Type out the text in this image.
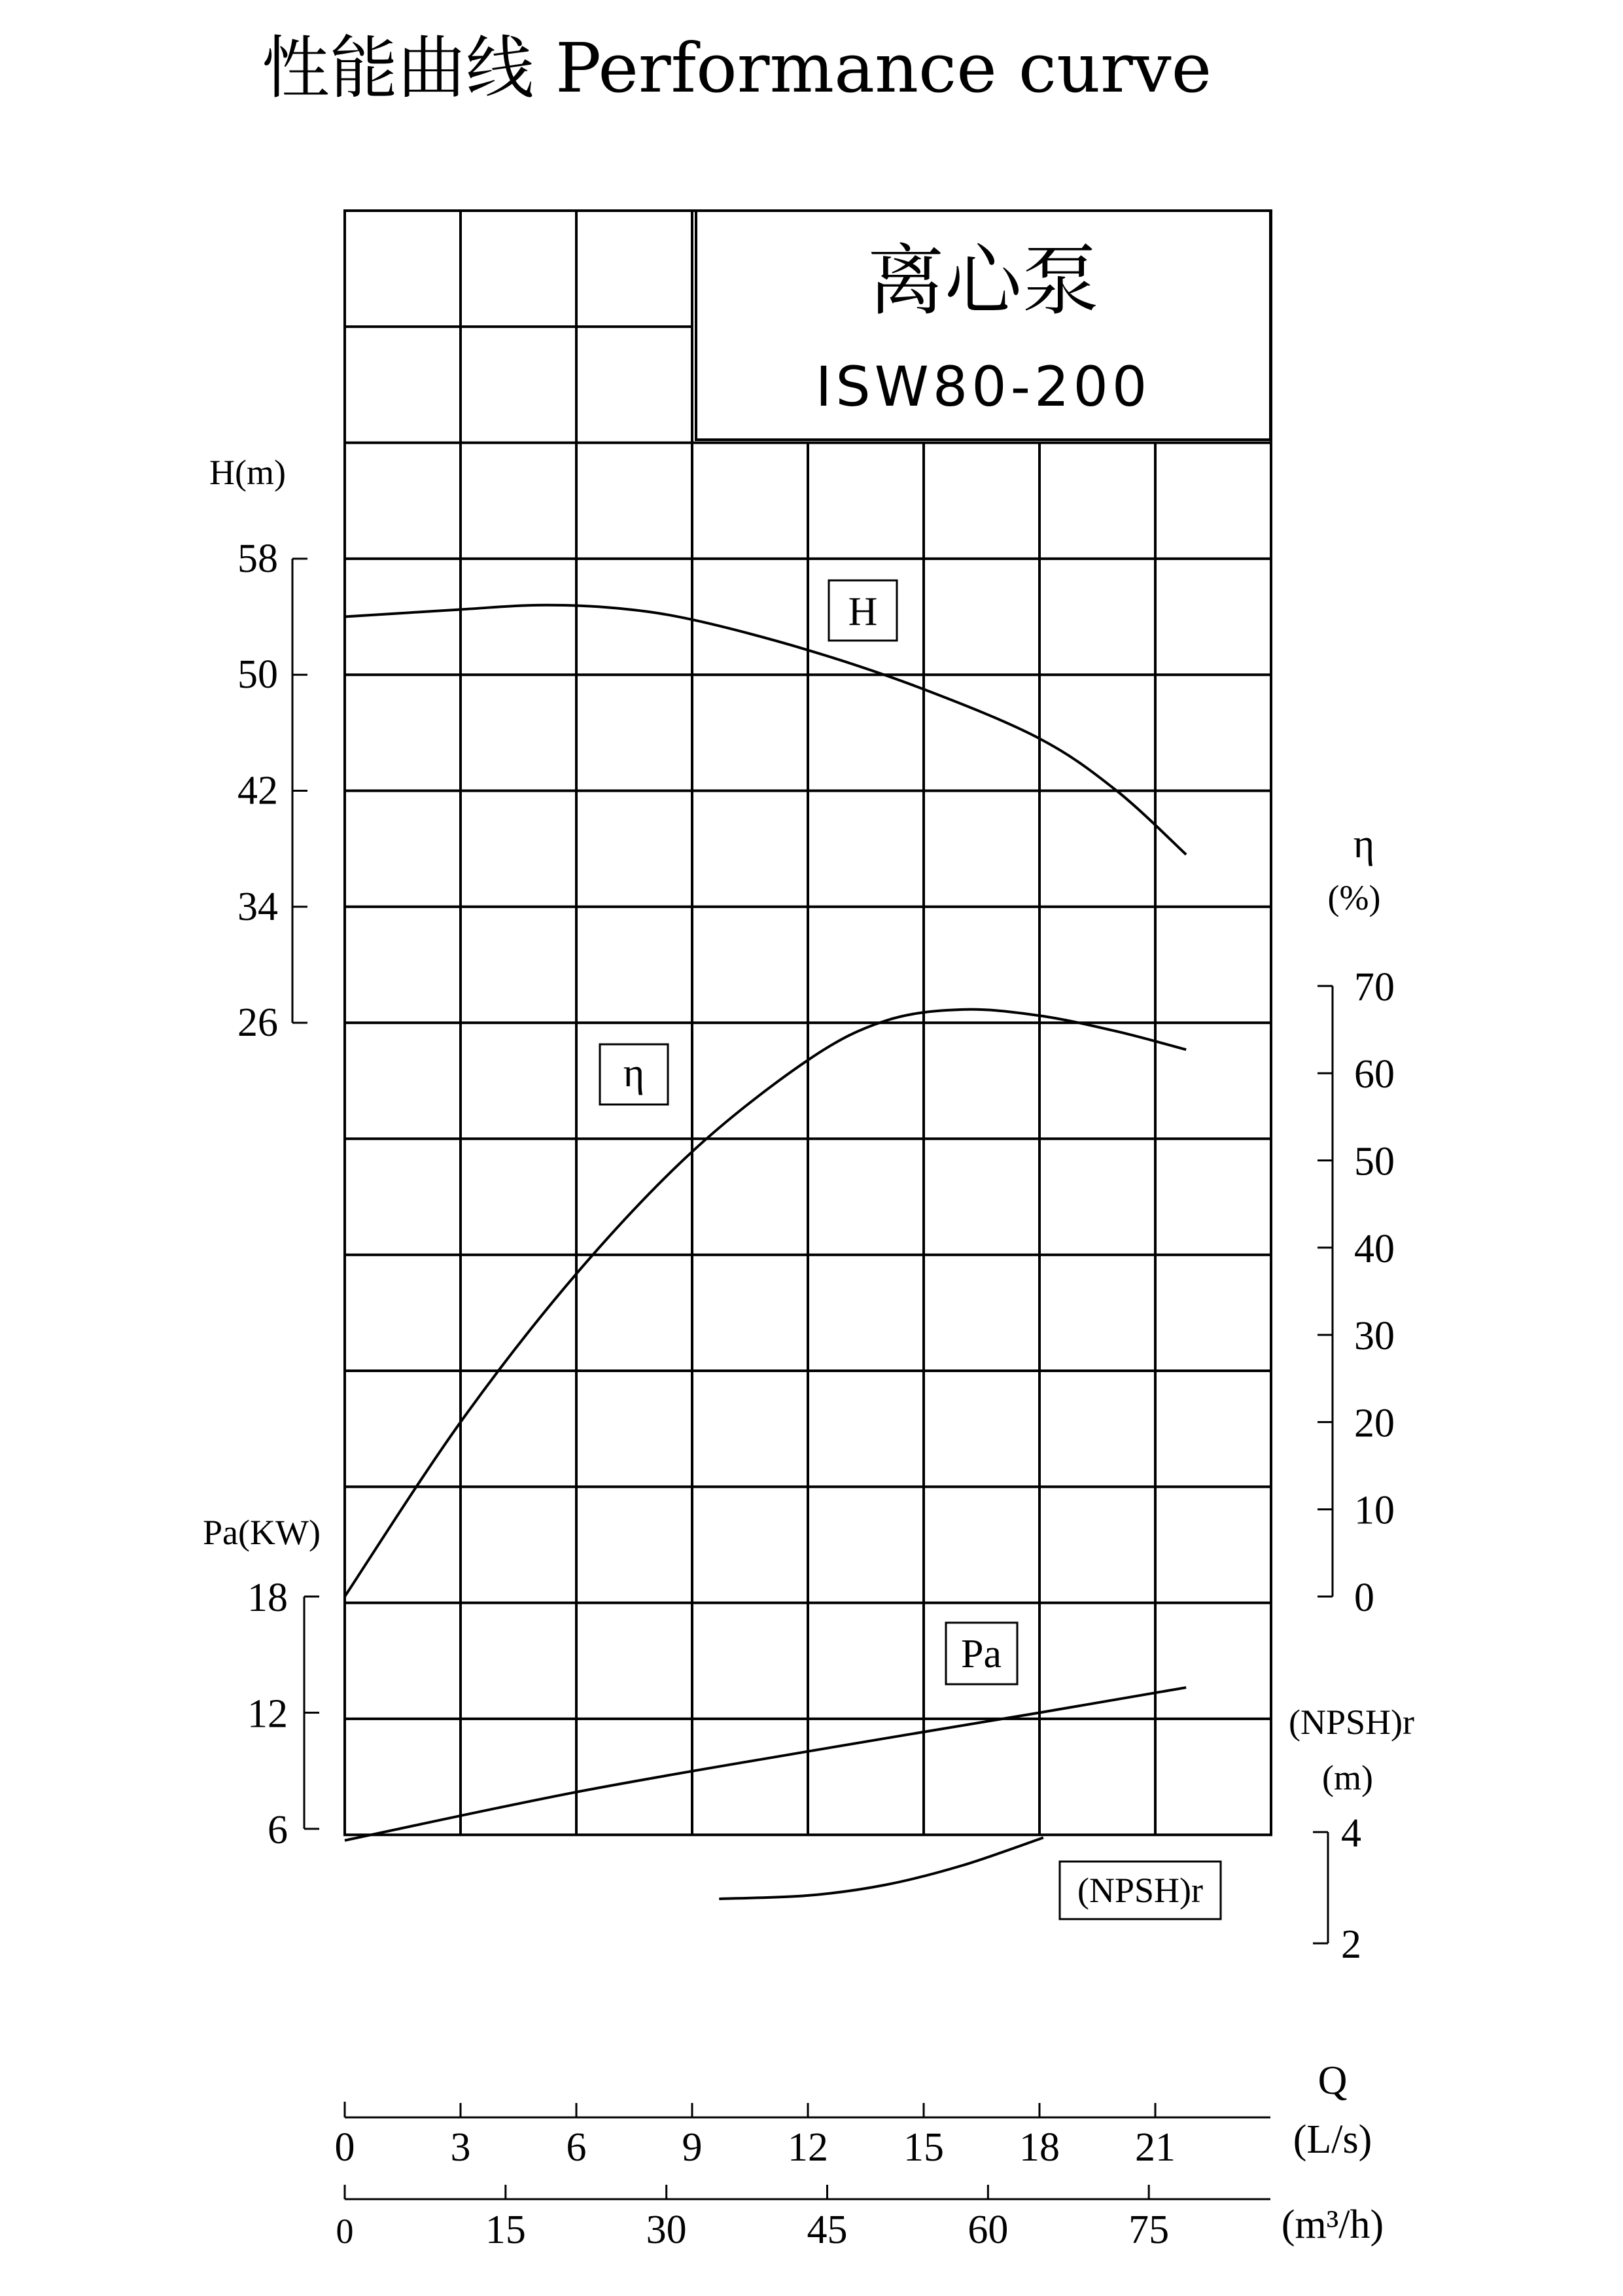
性能曲线 Performance curve
离心泵
ISW80-200
H(m)
26
34
42
50
58
η
(%)
0
10
20
30
40
50
60
70
Pa(KW)
6
12
18
(NPSH)r
(m)
2
4
H
η
Pa
(NPSH)r
0 3 6 9 12 15 18 21
Q
(L/s)
0	15	30	45	60	75	(m³/h)
